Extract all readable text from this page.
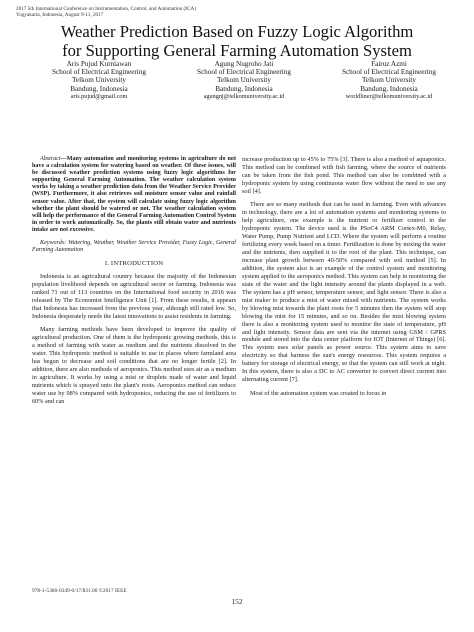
2017 5th International Conference on Instrumentation, Control, and Automation (ICA)
Yogyakarta, Indonesia, August 9-11, 2017
Weather Prediction Based on Fuzzy Logic Algorithm
for Supporting General Farming Automation System
Aris Pujud Kurniawan
School of Electrical Engineering
Telkom University
Bandung, Indonesia
aris.pujud@gmail.com
Agung Nugroho Jati
School of Electrical Engineering
Telkom University
Bandung, Indonesia
agungnj@telkomuniversity.ac.id
Fairuz Azmi
School of Electrical Engineering
Telkom University
Bandung, Indonesia
worldliner@telkomuniversity.ac.id

Abstract—Many automation and monitoring systems in agriculture do not have a calculation system for watering based on weather. Of these issues, will be discussed weather prediction systems using fuzzy logic algorithms for supporting General Farming Automation. The weather calculation system works by taking a weather prediction data from the Weather Service Provider (WSP). Furthermore, it also retrieves soil moisture sensor value and rainfall sensor value. After that, the system will calculate using fuzzy logic algorithm whether the plant should be watered or not. The weather calculation system will help the performance of the General Farming Automation Control System in order to work automatically. So, the plants still obtain water and nutrients intake are not excessive.

Keywords: Watering, Weather, Weather Service Provider, Fuzzy Logic, General Farming Automation

I. INTRODUCTION

Indonesia is an agricultural country because the majority of the Indonesian population livelihood depends on agricultural sector or farming. Indonesia was ranked 71 out of 113 countries on the International food security in 2016 was released by The Economist Intelligence Unit [1]. From these results, it appears that Indonesia has increased from the previous year, although still rated low. So, Indonesia desperately needs the latest innovations to assist residents in farming.

Many farming methods have been developed to improve the quality of agricultural production. One of them is the hydroponic growing methods, this is a method of farming with water as medium and the nutrients dissolved in the water. This hydroponic method is suitable to use in places where farmland area has begun to decrease and soil conditions that are no longer fertile [2]. In addition, there are also methods of aeroponics. This method uses air as a medium in agriculture. It works by using a mist or droplets made of water and liquid nutrients which is sprayed onto the plant's roots. Aeroponics method can reduce water use by 98% compared with hydroponics, reducing the use of fertilizers to 60% and can

increase production up to 45% to 75% [3]. There is also a method of aquaponics. This method can be combined with fish farming, where the source of nutrients can be taken from the fish pond. This method can also be combined with a hydroponic system by using continuous water flow without the need to use any soil [4].

There are so many methods that can be used in farming. Even with advances in technology, there are a lot of automation systems and monitoring systems to help agriculture, one example is the nutrient or fertilizer control in the hydroponic system. The device used is the PSoC4 ARM Cortex-M0, Relay, Water Pump, Pump Nutrient and LCD. Where the system will perform a routine fertilizing every week based on a timer. Fertilization is done by mixing the water and the nutrients, then supplied it to the root of the plant. This technique, can increase plant growth between 40-50% compared with soil method [5]. In addition, the system also is an example of the control system and monitoring system applied to the aeroponics method. This system can help in monitoring the state of the water and the light intensity around the plants displayed in a web. The system has a pH sensor, temperature sensor, and light sensor. There is also a mist maker to produce a mist of water mixed with nutrients. The system works by blowing mist towards the plant roots for 5 minutes then the system will stop blowing the mist for 15 minutes, and so on. Besides the mist blowing system there is also a monitoring system used to monitor the state of temperature, pH and light intensity. Sensor data are sent via the internet using GSM / GPRS module and stored into the data center platform for IOT (Internet of Things) [6]. This system uses solar panels as power source. This system aims to save electricity so that harness the sun's energy resources. This system requires a battery for storage of electrical energy, so that the system can still work at night. In this system, there is also a DC to AC converter to convert direct current into alternating current [7].

Most of the automation system was created to focus in

978-1-5386-0349-0/17/$31.00 ©2017 IEEE
152
